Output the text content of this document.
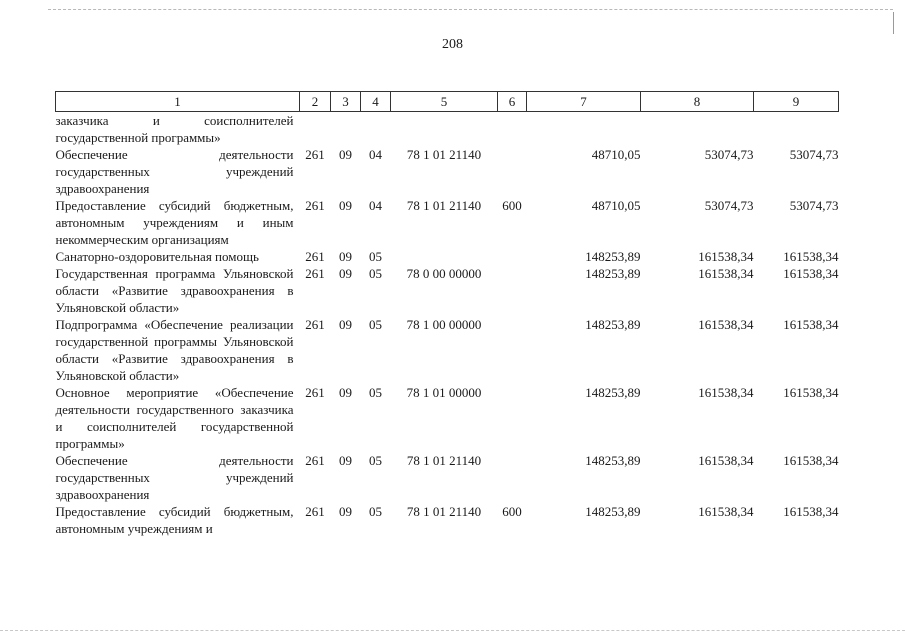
208
1	2	3	4	5	6	7	8	9
заказчика и соисполнителей государственной программы»								
Обеспечение деятельности государственных учреждений здравоохранения	261	09	04	78 1 01 21140		48710,05	53074,73	53074,73
Предоставление субсидий бюджетным, автономным учреждениям и иным некоммерческим организациям	261	09	04	78 1 01 21140	600	48710,05	53074,73	53074,73
Санаторно-оздоровительная помощь	261	09	05			148253,89	161538,34	161538,34
Государственная программа Ульяновской области «Развитие здравоохранения в Ульяновской области»	261	09	05	78 0 00 00000		148253,89	161538,34	161538,34
Подпрограмма «Обеспечение реализации государственной программы Ульяновской области «Развитие здравоохранения в Ульяновской области»	261	09	05	78 1 00 00000		148253,89	161538,34	161538,34
Основное мероприятие «Обеспечение деятельности государственного заказчика и соисполнителей государственной программы»	261	09	05	78 1 01 00000		148253,89	161538,34	161538,34
Обеспечение деятельности государственных учреждений здравоохранения	261	09	05	78 1 01 21140		148253,89	161538,34	161538,34
Предоставление субсидий бюджетным, автономным учреждениям и	261	09	05	78 1 01 21140	600	148253,89	161538,34	161538,34
